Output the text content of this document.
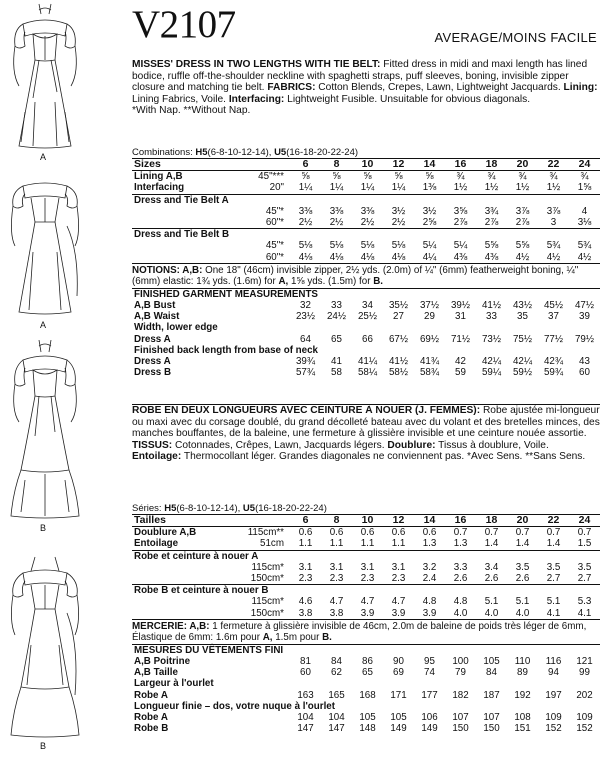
A
A
B
B
V2107	AVERAGE/MOINS FACILE
MISSES' DRESS IN TWO LENGTHS WITH TIE BELT: Fitted dress in midi and maxi length has lined bodice, ruffle off-the-shoulder neckline with spaghetti straps, puff sleeves, boning, invisible zipper closure and matching tie belt. FABRICS: Cotton Blends, Crepes, Lawn, Lightweight Jacquards. Lining: Lining Fabrics, Voile. Interfacing: Lightweight Fusible. Unsuitable for obvious diagonals.
*With Nap. **Without Nap.
Combinations: H5(6-8-10-12-14), U5(16-18-20-22-24)
Sizes		6	8	10	12	14	16	18	20	22	24
Lining A,B	45"***	⅝	⅝	⅝	⅝	⅝	¾	¾	¾	¾	¾
Interfacing	20"	1¼	1¼	1¼	1¼	1⅜	1½	1½	1½	1½	1⅝
Dress and Tie Belt A											
	45"*	3⅜	3⅜	3⅜	3½	3½	3⅝	3¾	3⅞	3⅞	4
	60"*	2½	2½	2½	2½	2⅝	2⅞	2⅞	2⅞	3	3⅛
Dress and Tie Belt B											
	45"*	5⅛	5⅛	5⅛	5⅛	5¼	5¼	5⅝	5⅝	5¾	5¾
	60"*	4⅛	4⅛	4⅛	4⅛	4¼	4⅜	4⅜	4½	4½	4½
NOTIONS: A,B: One 18" (46cm) invisible zipper, 2½ yds. (2.0m) of ¼" (6mm) featherweight boning, ¼" (6mm) elastic: 1¾ yds. (1.6m) for A, 1⅝ yds. (1.5m) for B.
FINISHED GARMENT MEASUREMENTS											
A,B Bust		32	33	34	35½	37½	39½	41½	43½	45½	47½
A,B Waist		23½	24½	25½	27	29	31	33	35	37	39
Width, lower edge											
Dress A		64	65	66	67½	69½	71½	73½	75½	77½	79½
Finished back length from base of neck											
Dress A		39¾	41	41¼	41½	41¾	42	42¼	42¼	42¾	43
Dress B		57¾	58	58¼	58½	58¾	59	59¼	59½	59¾	60
ROBE EN DEUX LONGUEURS AVEC CEINTURE À NOUER (J. FEMMES): Robe ajustée mi-longueur ou maxi avec du corsage doublé, du grand décolleté bateau avec du volant et des bretelles minces, des manches bouffantes, de la baleine, une fermeture à glissière invisible et une ceinture nouée assortie. TISSUS: Cotonnades, Crêpes, Lawn, Jacquards légers. Doublure: Tissus à doublure, Voile. Entoilage: Thermocollant léger. Grandes diagonales ne conviennent pas. *Avec Sens. **Sans Sens.
Séries: H5(6-8-10-12-14), U5(16-18-20-22-24)
Tailles		6	8	10	12	14	16	18	20	22	24
Doublure A,B	115cm**	0.6	0.6	0.6	0.6	0.6	0.7	0.7	0.7	0.7	0.7
Entoilage	51cm	1.1	1.1	1.1	1.1	1.3	1.3	1.4	1.4	1.4	1.5
Robe et ceinture à nouer A											
	115cm*	3.1	3.1	3.1	3.1	3.2	3.3	3.4	3.5	3.5	3.5
	150cm*	2.3	2.3	2.3	2.3	2.4	2.6	2.6	2.6	2.7	2.7
Robe B et ceinture à nouer B											
	115cm*	4.6	4.7	4.7	4.7	4.8	4.8	5.1	5.1	5.1	5.3
	150cm*	3.8	3.8	3.9	3.9	3.9	4.0	4.0	4.0	4.1	4.1
MERCERIE: A,B: 1 fermeture à glissière invisible de 46cm, 2.0m de baleine de poids très léger de 6mm, Élastique de 6mm: 1.6m pour A, 1.5m pour B.
MESURES DU VÊTEMENTS FINI											
A,B Poitrine		81	84	86	90	95	100	105	110	116	121
A,B Taille		60	62	65	69	74	79	84	89	94	99
Largeur à l'ourlet											
Robe A		163	165	168	171	177	182	187	192	197	202
Longueur finie – dos, votre nuque à l'ourlet											
Robe A		104	104	105	105	106	107	107	108	109	109
Robe B		147	147	148	149	149	150	150	151	152	152
